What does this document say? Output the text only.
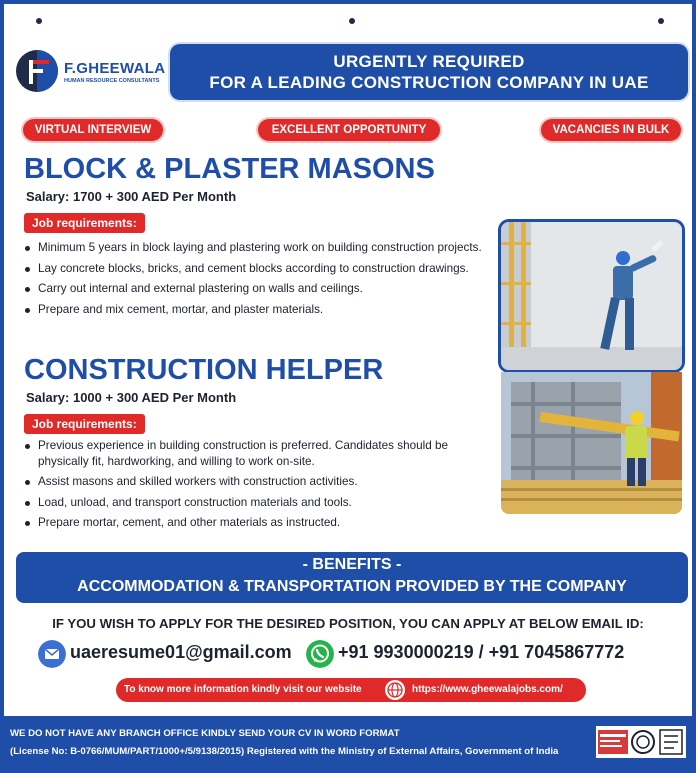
F.GHEEWALA
HUMAN RESOURCE CONSULTANTS
URGENTLY REQUIRED
FOR A LEADING CONSTRUCTION COMPANY IN UAE
VIRTUAL INTERVIEW	EXCELLENT OPPORTUNITY	VACANCIES IN BULK
BLOCK & PLASTER MASONS
Salary: 1700 + 300 AED Per Month
Job requirements:
Minimum 5 years in block laying and plastering work on building construction projects.
Lay concrete blocks, bricks, and cement blocks according to construction drawings.
Carry out internal and external plastering on walls and ceilings.
Prepare and mix cement, mortar, and plaster materials.
CONSTRUCTION HELPER
Salary: 1000 + 300 AED Per Month
Job requirements:
Previous experience in building construction is preferred. Candidates should be physically fit, hardworking, and willing to work on-site.
Assist masons and skilled workers with construction activities.
Load, unload, and transport construction materials and tools.
Prepare mortar, cement, and other materials as instructed.
- BENEFITS -
ACCOMMODATION & TRANSPORTATION PROVIDED BY THE COMPANY
IF YOU WISH TO APPLY FOR THE DESIRED POSITION, YOU CAN APPLY AT BELOW EMAIL ID:
uaeresume01@gmail.com	+91 9930000219 / +91 7045867772
To know more information kindly visit our website	https://www.gheewalajobs.com/
WE DO NOT HAVE ANY BRANCH OFFICE KINDLY SEND YOUR CV IN WORD FORMAT
(License No: B-0766/MUM/PART/1000+/5/9138/2015) Registered with the Ministry of External Affairs, Government of India
